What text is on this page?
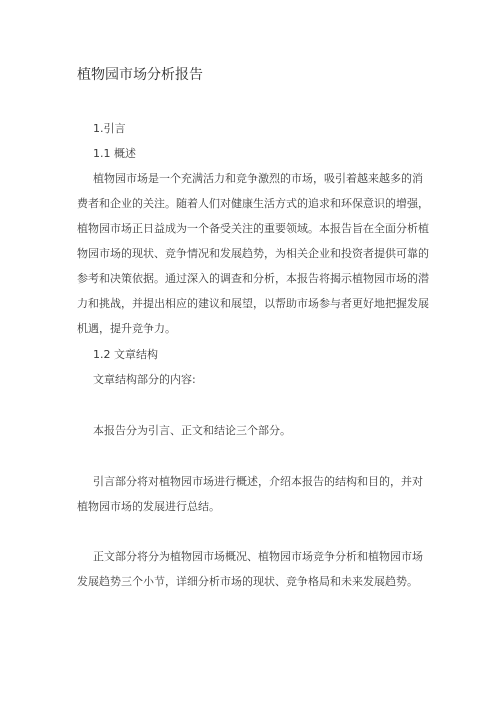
植物园市场分析报告
1.引言
1.1 概述
植物园市场是一个充满活力和竞争激烈的市场，吸引着越来越多的消
费者和企业的关注。随着人们对健康生活方式的追求和环保意识的增强，
植物园市场正日益成为一个备受关注的重要领域。本报告旨在全面分析植
物园市场的现状、竞争情况和发展趋势，为相关企业和投资者提供可靠的
参考和决策依据。通过深入的调查和分析，本报告将揭示植物园市场的潜
力和挑战，并提出相应的建议和展望，以帮助市场参与者更好地把握发展
机遇，提升竞争力。
1.2 文章结构
文章结构部分的内容:
本报告分为引言、正文和结论三个部分。
引言部分将对植物园市场进行概述，介绍本报告的结构和目的，并对
植物园市场的发展进行总结。
正文部分将分为植物园市场概况、植物园市场竞争分析和植物园市场
发展趋势三个小节，详细分析市场的现状、竞争格局和未来发展趋势。
